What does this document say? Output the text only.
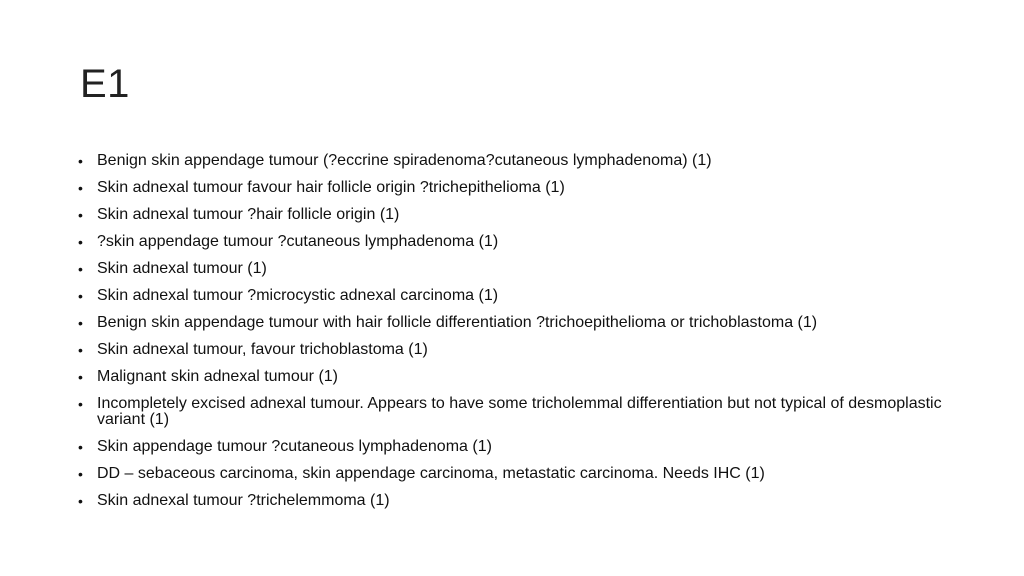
E1
• Benign skin appendage tumour (?eccrine spiradenoma?cutaneous lymphadenoma) (1)
• Skin adnexal tumour favour hair follicle origin ?trichepithelioma (1)
• Skin adnexal tumour ?hair follicle origin (1)
• ?skin appendage tumour ?cutaneous lymphadenoma (1)
• Skin adnexal tumour (1)
• Skin adnexal tumour ?microcystic adnexal carcinoma (1)
• Benign skin appendage tumour with hair follicle differentiation ?trichoepithelioma or trichoblastoma (1)
• Skin adnexal tumour, favour trichoblastoma (1)
• Malignant skin adnexal tumour (1)
• Incompletely excised adnexal tumour. Appears to have some tricholemmal differentiation but not typical of desmoplastic variant (1)
• Skin appendage tumour ?cutaneous lymphadenoma (1)
• DD – sebaceous carcinoma, skin appendage carcinoma, metastatic carcinoma. Needs IHC (1)
• Skin adnexal tumour ?trichelemmoma (1)
